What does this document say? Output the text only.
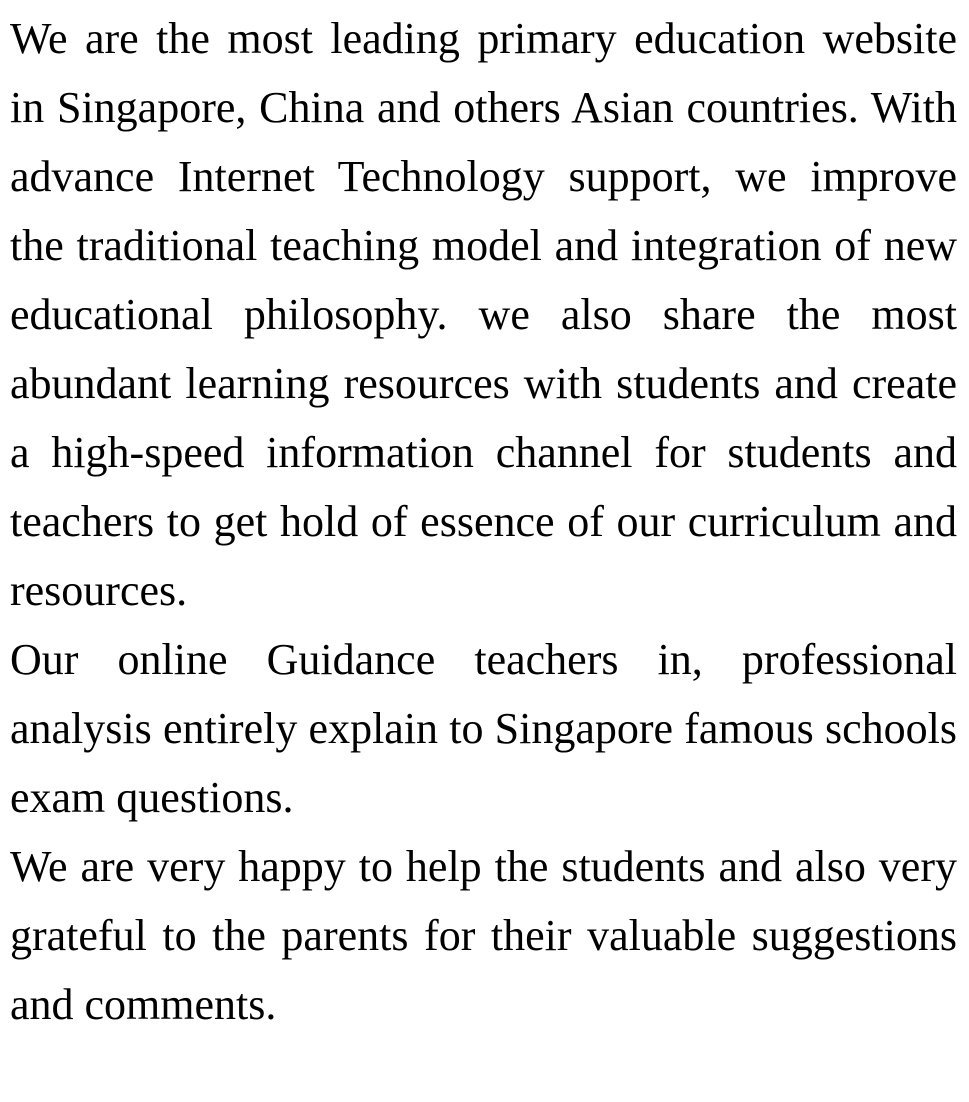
We are the most leading primary education website in Singapore, China and others Asian countries. With advance Internet Technology support, we improve the traditional teaching model and integration of new educational philosophy. we also share the most abundant learning resources with students and create a high-speed information channel for students and teachers to get hold of essence of our curriculum and resources.

Our online Guidance teachers in, professional analysis entirely explain to Singapore famous schools exam questions.

We are very happy to help the students and also very grateful to the parents for their valuable suggestions and comments.
